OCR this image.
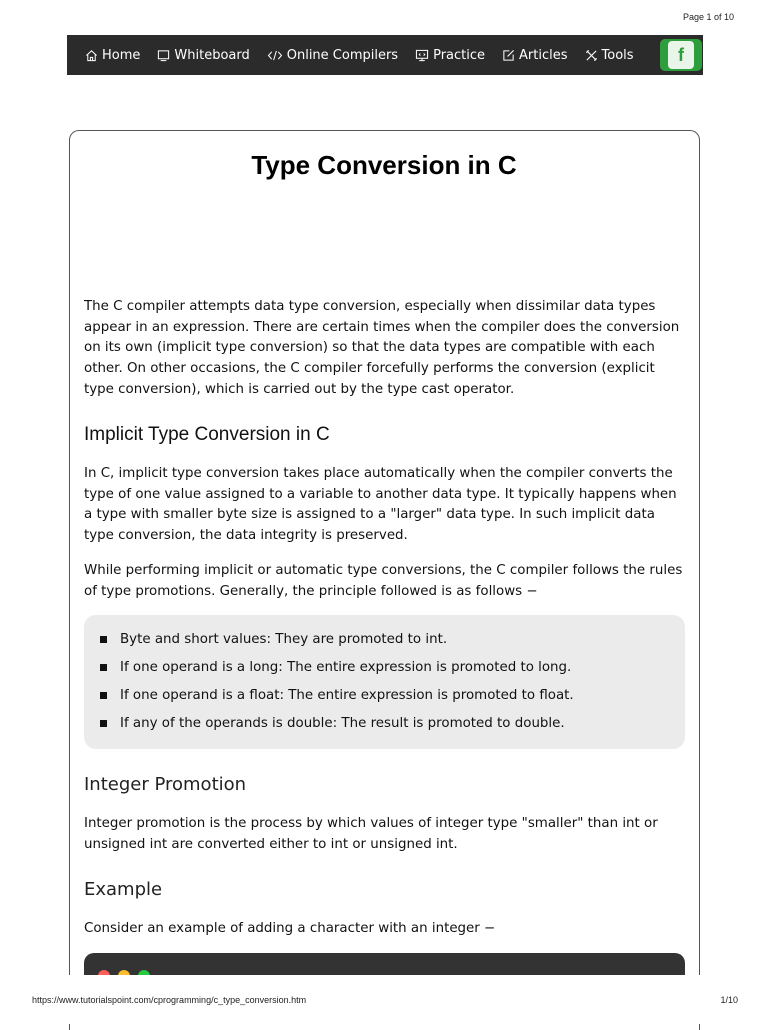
Page 1 of 10
Home	Whiteboard	Online Compilers	Practice	Articles	Tools	f
Type Conversion in C

The C compiler attempts data type conversion, especially when dissimilar data types appear in an expression. There are certain times when the compiler does the conversion on its own (implicit type conversion) so that the data types are compatible with each other. On other occasions, the C compiler forcefully performs the conversion (explicit type conversion), which is carried out by the type cast operator.

Implicit Type Conversion in C

In C, implicit type conversion takes place automatically when the compiler converts the type of one value assigned to a variable to another data type. It typically happens when a type with smaller byte size is assigned to a "larger" data type. In such implicit data type conversion, the data integrity is preserved.

While performing implicit or automatic type conversions, the C compiler follows the rules of type promotions. Generally, the principle followed is as follows −

Byte and short values: They are promoted to int.
If one operand is a long: The entire expression is promoted to long.
If one operand is a float: The entire expression is promoted to float.
If any of the operands is double: The result is promoted to double.
Integer Promotion

Integer promotion is the process by which values of integer type "smaller" than int or unsigned int are converted either to int or unsigned int.

Example

Consider an example of adding a character with an integer −

https://www.tutorialspoint.com/cprogramming/c_type_conversion.htm	1/10
